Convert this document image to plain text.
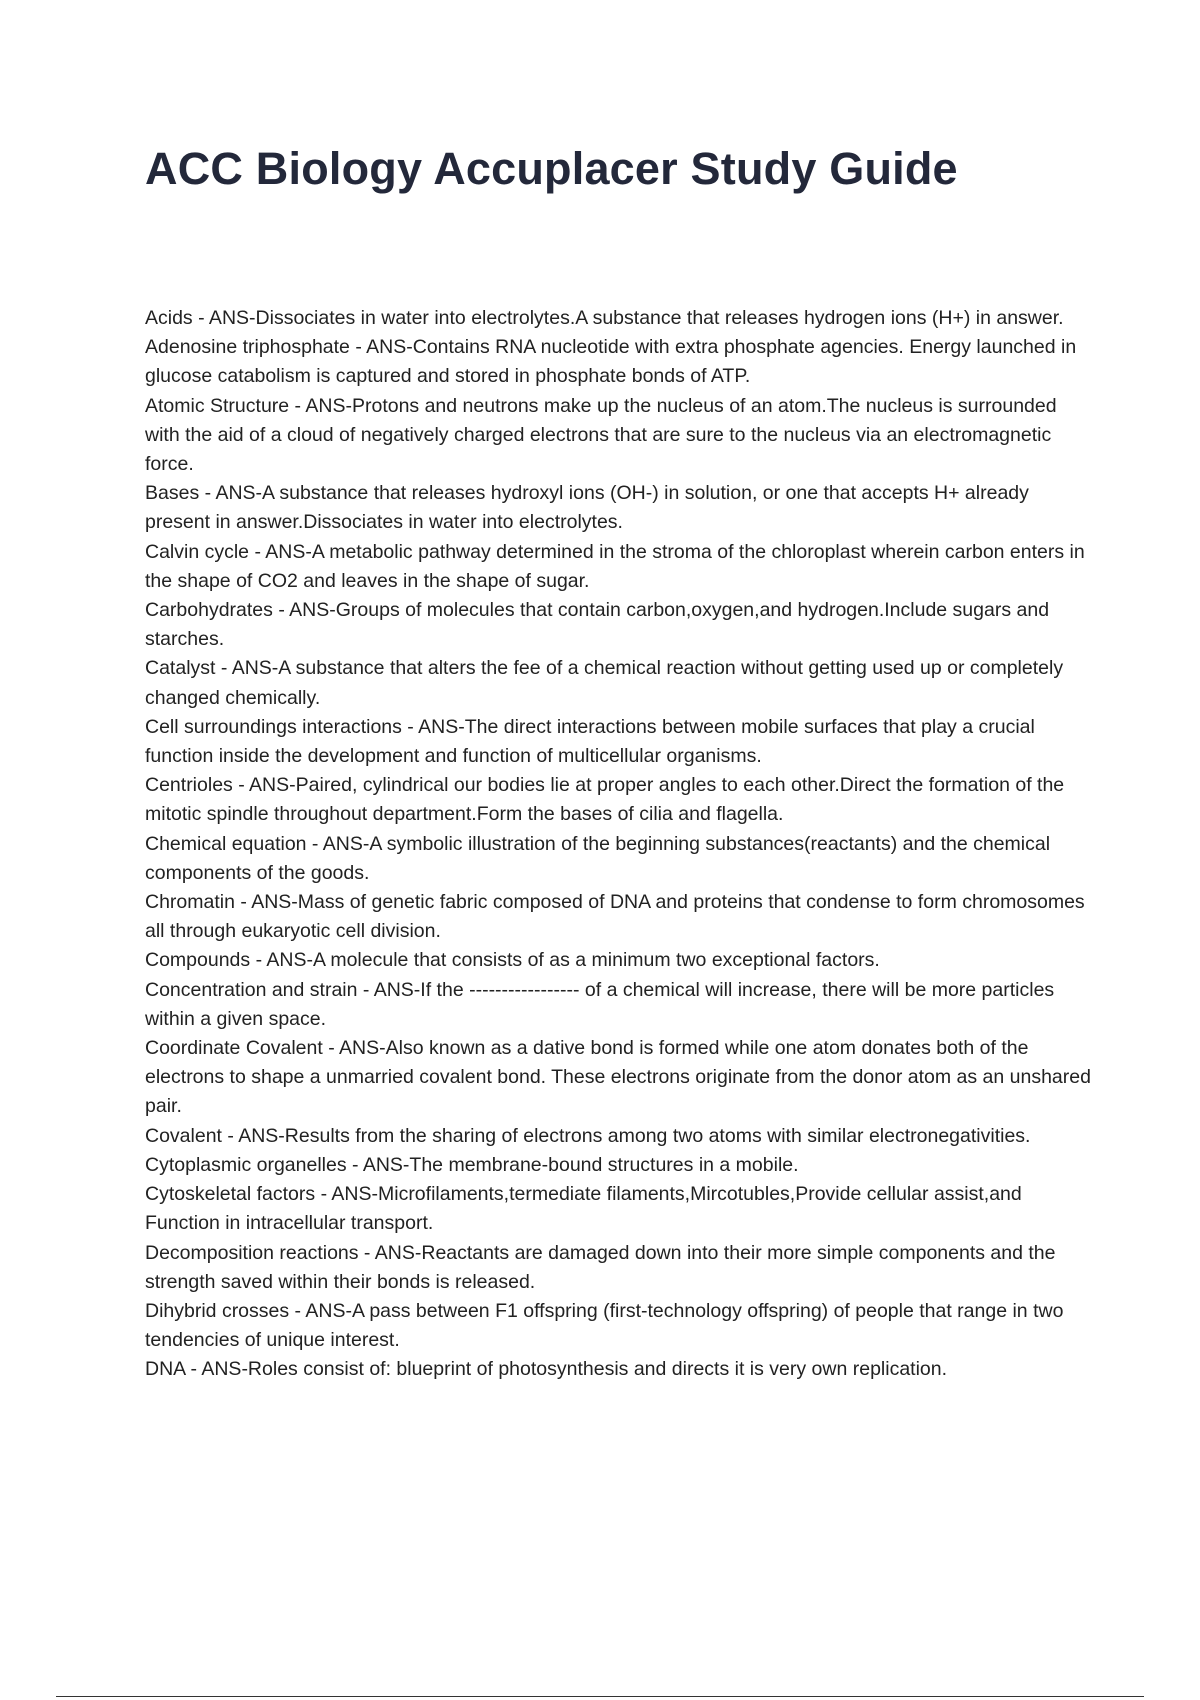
ACC Biology Accuplacer Study Guide

Acids - ANS-Dissociates in water into electrolytes.A substance that releases hydrogen ions (H+) in answer.

Adenosine triphosphate - ANS-Contains RNA nucleotide with extra phosphate agencies. Energy launched in glucose catabolism is captured and stored in phosphate bonds of ATP.

Atomic Structure - ANS-Protons and neutrons make up the nucleus of an atom.The nucleus is surrounded with the aid of a cloud of negatively charged electrons that are sure to the nucleus via an electromagnetic force.

Bases - ANS-A substance that releases hydroxyl ions (OH-) in solution, or one that accepts H+ already present in answer.Dissociates in water into electrolytes.

Calvin cycle - ANS-A metabolic pathway determined in the stroma of the chloroplast wherein carbon enters in the shape of CO2 and leaves in the shape of sugar.

Carbohydrates - ANS-Groups of molecules that contain carbon,oxygen,and hydrogen.Include sugars and starches.

Catalyst - ANS-A substance that alters the fee of a chemical reaction without getting used up or completely changed chemically.

Cell surroundings interactions - ANS-The direct interactions between mobile surfaces that play a crucial function inside the development and function of multicellular organisms.

Centrioles - ANS-Paired, cylindrical our bodies lie at proper angles to each other.Direct the formation of the mitotic spindle throughout department.Form the bases of cilia and flagella.

Chemical equation - ANS-A symbolic illustration of the beginning substances(reactants) and the chemical components of the goods.

Chromatin - ANS-Mass of genetic fabric composed of DNA and proteins that condense to form chromosomes all through eukaryotic cell division.

Compounds - ANS-A molecule that consists of as a minimum two exceptional factors.

Concentration and strain - ANS-If the ----------------- of a chemical will increase, there will be more particles within a given space.

Coordinate Covalent - ANS-Also known as a dative bond is formed while one atom donates both of the electrons to shape a unmarried covalent bond. These electrons originate from the donor atom as an unshared pair.

Covalent - ANS-Results from the sharing of electrons among two atoms with similar electronegativities.

Cytoplasmic organelles - ANS-The membrane-bound structures in a mobile.

Cytoskeletal factors - ANS-Microfilaments,termediate filaments,Mircotubles,Provide cellular assist,and Function in intracellular transport.

Decomposition reactions - ANS-Reactants are damaged down into their more simple components and the strength saved within their bonds is released.

Dihybrid crosses - ANS-A pass between F1 offspring (first-technology offspring) of people that range in two tendencies of unique interest.

DNA - ANS-Roles consist of: blueprint of photosynthesis and directs it is very own replication.
